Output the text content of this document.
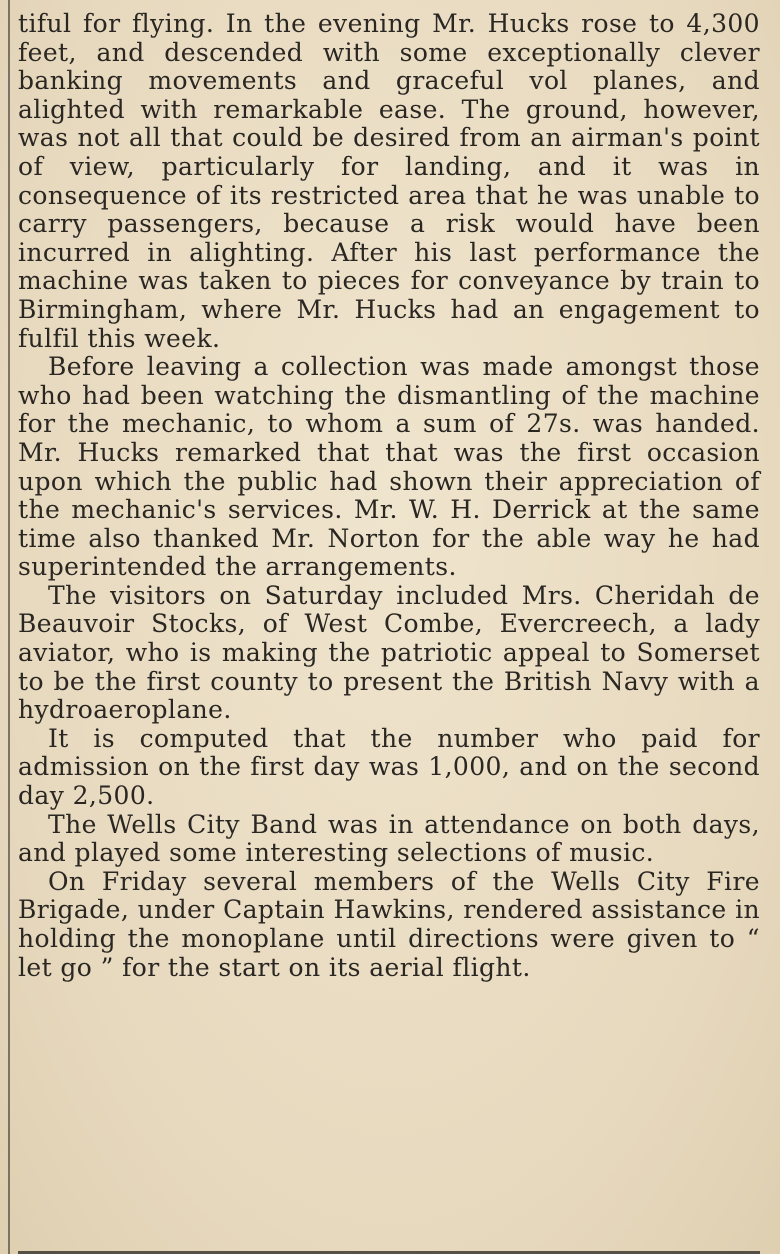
tiful for flying. In the evening Mr. Hucks rose to 4,300 feet, and descended with some exceptionally clever banking movements and graceful vol planes, and alighted with remarkable ease. The ground, however, was not all that could be desired from an airman's point of view, particularly for landing, and it was in consequence of its restricted area that he was unable to carry passengers, because a risk would have been incurred in alighting. After his last performance the machine was taken to pieces for conveyance by train to Birmingham, where Mr. Hucks had an engagement to fulfil this week.

Before leaving a collection was made amongst those who had been watching the dismantling of the machine for the mechanic, to whom a sum of 27s. was handed. Mr. Hucks remarked that that was the first occasion upon which the public had shown their appreciation of the mechanic's services. Mr. W. H. Derrick at the same time also thanked Mr. Norton for the able way he had superintended the arrangements.

The visitors on Saturday included Mrs. Cheridah de Beauvoir Stocks, of West Combe, Evercreech, a lady aviator, who is making the patriotic appeal to Somerset to be the first county to present the British Navy with a hydroaeroplane.

It is computed that the number who paid for admission on the first day was 1,000, and on the second day 2,500.

The Wells City Band was in attendance on both days, and played some interesting selections of music.

On Friday several members of the Wells City Fire Brigade, under Captain Hawkins, rendered assistance in holding the monoplane until directions were given to “ let go ” for the start on its aerial flight.
